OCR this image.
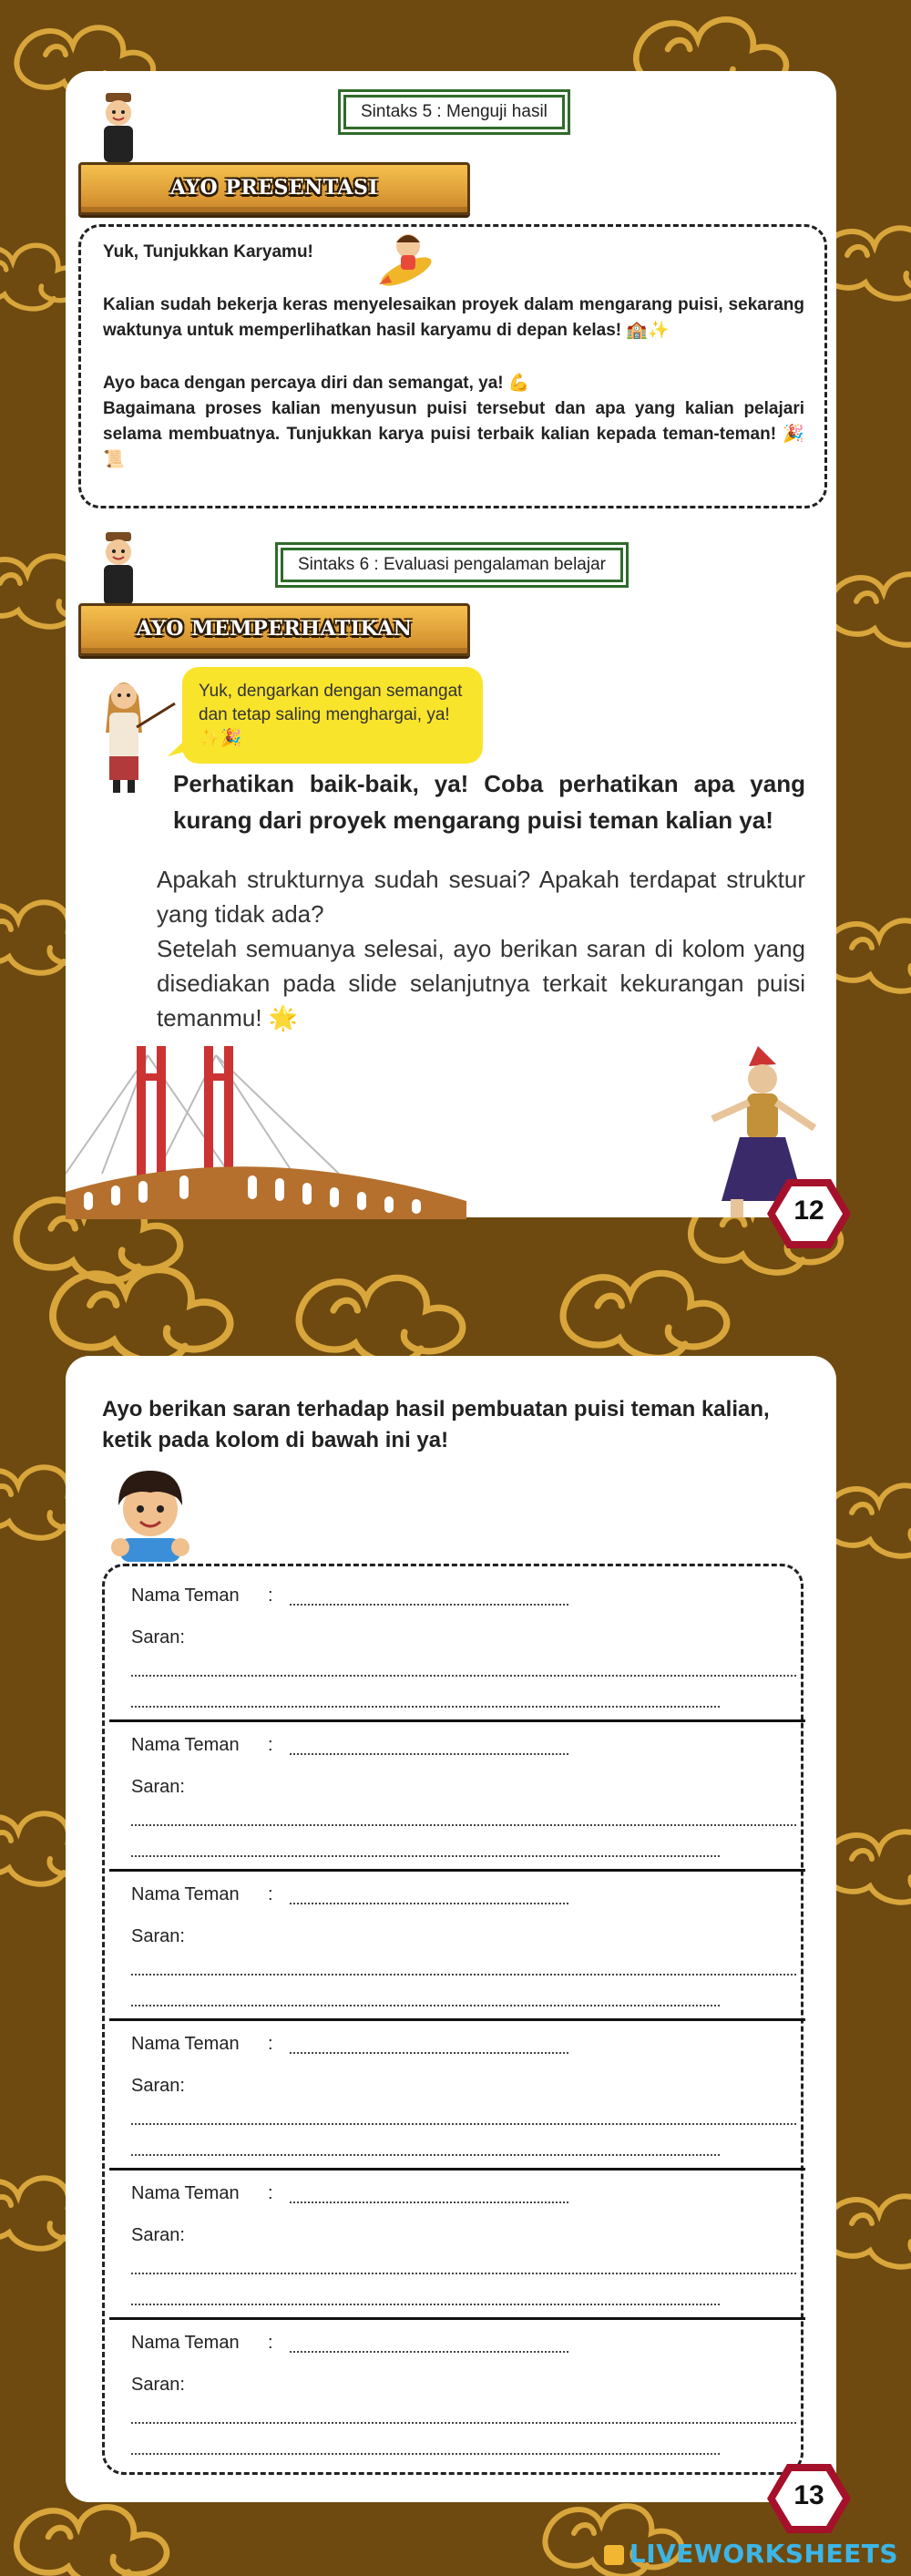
Sintaks 5 : Menguji hasil
AYO PRESENTASI
Yuk, Tunjukkan Karyamu!
Kalian sudah bekerja keras menyelesaikan proyek dalam mengarang puisi, sekarang waktunya untuk memperlihatkan hasil karyamu di depan kelas! 🏫✨
Ayo baca dengan percaya diri dan semangat, ya! 💪
Bagaimana proses kalian menyusun puisi tersebut dan apa yang kalian pelajari selama membuatnya. Tunjukkan karya puisi terbaik kalian kepada teman-teman! 🎉📜
Sintaks 6 : Evaluasi pengalaman belajar
AYO MEMPERHATIKAN
Yuk, dengarkan dengan semangat dan tetap saling menghargai, ya! ✨🎉
Perhatikan baik-baik, ya! Coba perhatikan apa yang kurang dari proyek mengarang puisi teman kalian ya!
Apakah strukturnya sudah sesuai? Apakah terdapat struktur yang tidak ada?
Setelah semuanya selesai, ayo berikan saran di kolom yang disediakan pada slide selanjutnya terkait kekurangan puisi temanmu! 🌟
12
Ayo berikan saran terhadap hasil pembuatan puisi teman kalian, ketik pada kolom di bawah ini ya!
13
Nama Teman :
Saran:
Nama Teman :
Saran:
Nama Teman :
Saran:
Nama Teman :
Saran:
Nama Teman :
Saran:
Nama Teman :
Saran:
LIVEWORKSHEETS
